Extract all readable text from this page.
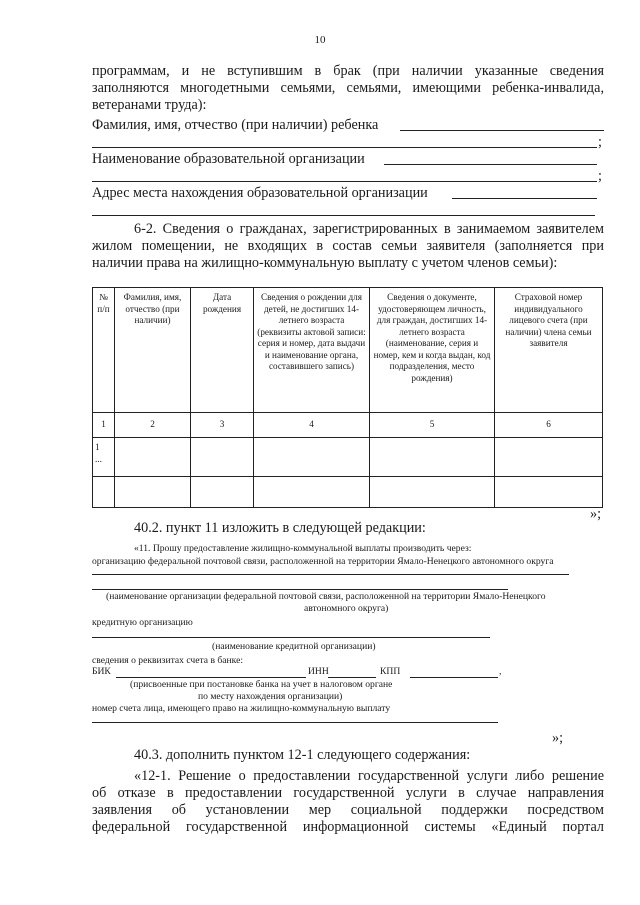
10
программам, и не вступившим в брак (при наличии указанные сведения
заполняются многодетными семьями, семьями, имеющими ребенка-инвалида,
ветеранами труда):
Фамилия, имя, отчество (при наличии) ребенка
;
Наименование образовательной организации
;
Адрес места нахождения образовательной организации
6-2. Сведения о гражданах, зарегистрированных в занимаемом заявителем
жилом помещении, не входящих в состав семьи заявителя (заполняется при
наличии права на жилищно-коммунальную выплату с учетом членов семьи):
№ п/п	Фамилия, имя, отчество (при наличии)	Дата рождения	Сведения о рождении для детей, не достигших 14-летнего возраста (реквизиты актовой записи: серия и номер, дата выдачи и наименование органа, составившего запись)	Сведения о документе, удостоверяющем личность, для граждан, достигших 14-летнего возраста (наименование, серия и номер, кем и когда выдан, код подразделения, место рождения)	Страховой номер индивидуального лицевого счета (при наличии) члена семьи заявителя
1	2	3	4	5	6
1
...					

»;
40.2. пункт 11 изложить в следующей редакции:
«11. Прошу предоставление жилищно-коммунальной выплаты производить через:
организацию федеральной почтовой связи, расположенной на территории Ямало-Ненецкого автономного округа
(наименование организации федеральной почтовой связи, расположенной на территории Ямало-Ненецкого
автономного округа)
кредитную организацию
(наименование кредитной организации)
сведения о реквизитах счета в банке:
БИК	ИНН	КПП	,
(присвоенные при постановке банка на учет в налоговом органе
по месту нахождения организации)
номер счета лица, имеющего право на жилищно-коммунальную выплату
»;
40.3. дополнить пунктом 12-1 следующего содержания:
«12-1. Решение о предоставлении государственной услуги либо решение
об отказе в предоставлении государственной услуги в случае направления
заявления об установлении мер социальной поддержки посредством
федеральной государственной информационной системы «Единый портал
